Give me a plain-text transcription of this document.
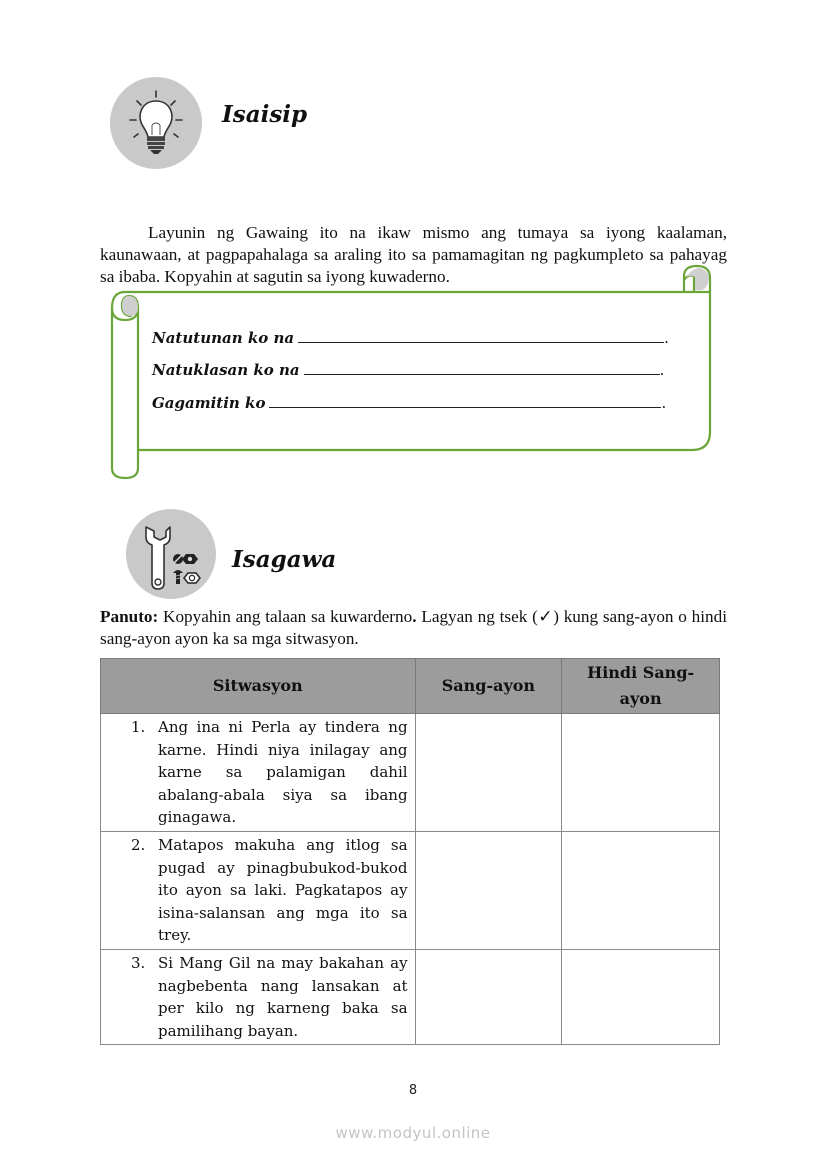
Isaisip
Layunin ng Gawaing ito na ikaw mismo ang tumaya sa iyong kaalaman, kaunawaan, at pagpapahalaga sa araling ito sa pamamagitan ng pagkumpleto sa pahayag sa ibaba. Kopyahin at sagutin sa iyong kuwaderno.
Natutunan ko na	.
Natuklasan ko na	.
Gagamitin ko	.
Isagawa
Panuto: Kopyahin ang talaan sa kuwarderno. Lagyan ng tsek (✓) kung sang-ayon o hindi sang-ayon ayon ka sa mga sitwasyon.
Sitwasyon	Sang-ayon	Hindi Sang-ayon

1. Ang ina ni Perla ay tindera ng karne. Hindi niya inilagay ang karne sa palamigan dahil abalang-abala siya sa ibang ginagawa.		

2. Matapos makuha ang itlog sa pugad ay pinagbubukod-bukod ito ayon sa laki. Pagkatapos ay isina-salansan ang mga ito sa trey.		

3. Si Mang Gil na may bakahan ay nagbebenta nang lansakan at per kilo ng karneng baka sa pamilihang bayan.		

8
www.modyul.online
